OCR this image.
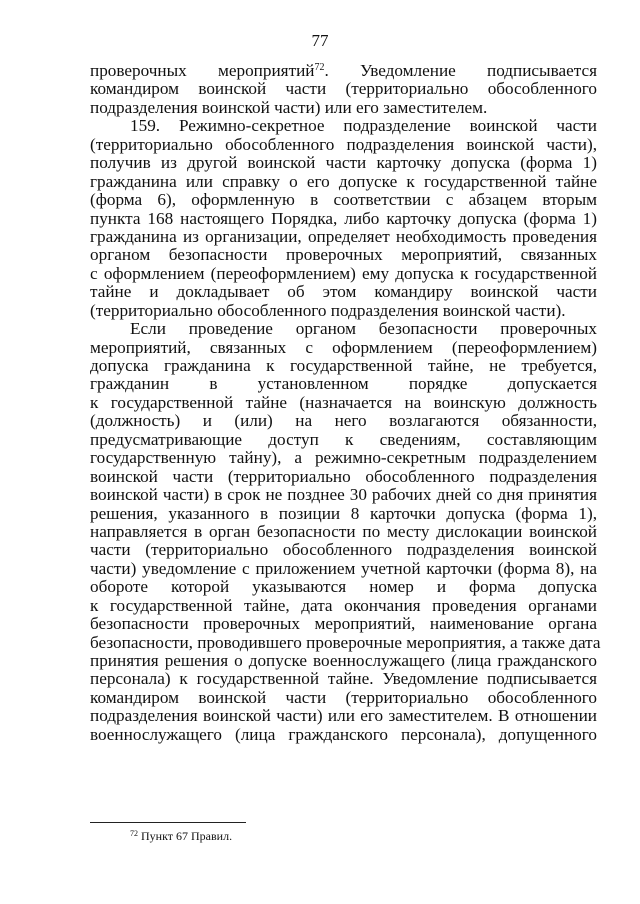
77
проверочных мероприятий$^{72}$. Уведомление подписывается
командиром воинской части (территориально обособленного
подразделения воинской части) или его заместителем.
159. Режимно-секретное подразделение воинской части
(территориально обособленного подразделения воинской части),
получив из другой воинской части карточку допуска (форма 1)
гражданина или справку о его допуске к государственной тайне
(форма 6), оформленную в соответствии с абзацем вторым
пункта 168 настоящего Порядка, либо карточку допуска (форма 1)
гражданина из организации, определяет необходимость проведения
органом безопасности проверочных мероприятий, связанных
с оформлением (переоформлением) ему допуска к государственной
тайне и докладывает об этом командиру воинской части
(территориально обособленного подразделения воинской части).
Если проведение органом безопасности проверочных
мероприятий, связанных с оформлением (переоформлением)
допуска гражданина к государственной тайне, не требуется,
гражданин в установленном порядке допускается
к государственной тайне (назначается на воинскую должность
(должность) и (или) на него возлагаются обязанности,
предусматривающие доступ к сведениям, составляющим
государственную тайну), а режимно-секретным подразделением
воинской части (территориально обособленного подразделения
воинской части) в срок не позднее 30 рабочих дней со дня принятия
решения, указанного в позиции 8 карточки допуска (форма 1),
направляется в орган безопасности по месту дислокации воинской
части (территориально обособленного подразделения воинской
части) уведомление с приложением учетной карточки (форма 8), на
обороте которой указываются номер и форма допуска
к государственной тайне, дата окончания проведения органами
безопасности проверочных мероприятий, наименование органа
безопасности, проводившего проверочные мероприятия, а также дата
принятия решения о допуске военнослужащего (лица гражданского
персонала) к государственной тайне. Уведомление подписывается
командиром воинской части (территориально обособленного
подразделения воинской части) или его заместителем. В отношении
военнослужащего (лица гражданского персонала), допущенного
$^{72}$ Пункт 67 Правил.
